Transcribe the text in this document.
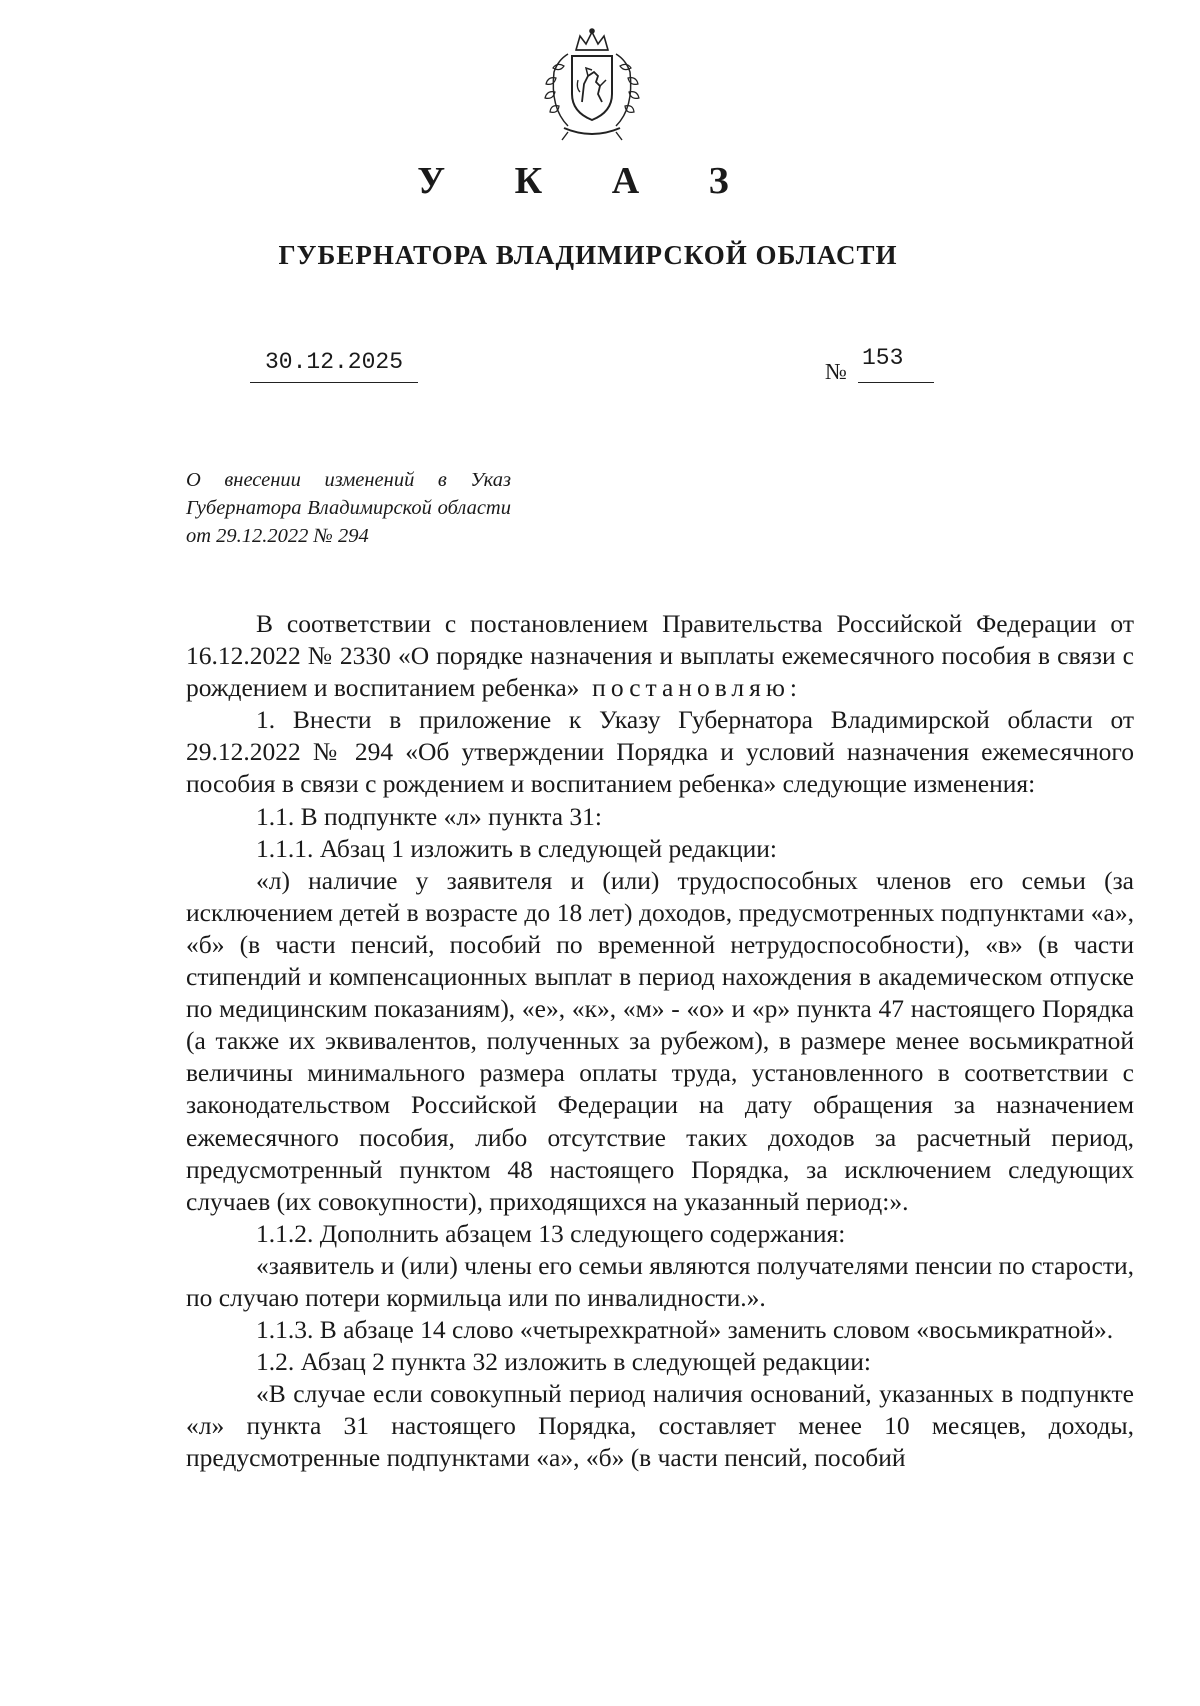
У К А З
ГУБЕРНАТОРА ВЛАДИМИРСКОЙ ОБЛАСТИ
30.12.2025	№
153
О внесении изменений в Указ Губернатора Владимирской области от 29.12.2022 № 294

В соответствии с постановлением Правительства Российской Федерации от 16.12.2022 № 2330 «О порядке назначения и выплаты ежемесячного пособия в связи с рождением и воспитанием ребенка» постановляю:

1. Внести в приложение к Указу Губернатора Владимирской области от 29.12.2022 № 294 «Об утверждении Порядка и условий назначения ежемесячного пособия в связи с рождением и воспитанием ребенка» следующие изменения:

1.1. В подпункте «л» пункта 31:

1.1.1. Абзац 1 изложить в следующей редакции:

«л) наличие у заявителя и (или) трудоспособных членов его семьи (за исключением детей в возрасте до 18 лет) доходов, предусмотренных подпунктами «а», «б» (в части пенсий, пособий по временной нетрудоспособности), «в» (в части стипендий и компенсационных выплат в период нахождения в академическом отпуске по медицинским показаниям), «е», «к», «м» - «о» и «р» пункта 47 настоящего Порядка (а также их эквивалентов, полученных за рубежом), в размере менее восьмикратной величины минимального размера оплаты труда, установленного в соответствии с законодательством Российской Федерации на дату обращения за назначением ежемесячного пособия, либо отсутствие таких доходов за расчетный период, предусмотренный пунктом 48 настоящего Порядка, за исключением следующих случаев (их совокупности), приходящихся на указанный период:».

1.1.2. Дополнить абзацем 13 следующего содержания:

«заявитель и (или) члены его семьи являются получателями пенсии по старости, по случаю потери кормильца или по инвалидности.».

1.1.3. В абзаце 14 слово «четырехкратной» заменить словом «восьмикратной».

1.2. Абзац 2 пункта 32 изложить в следующей редакции:

«В случае если совокупный период наличия оснований, указанных в подпункте «л» пункта 31 настоящего Порядка, составляет менее 10 месяцев, доходы, предусмотренные подпунктами «а», «б» (в части пенсий, пособий
